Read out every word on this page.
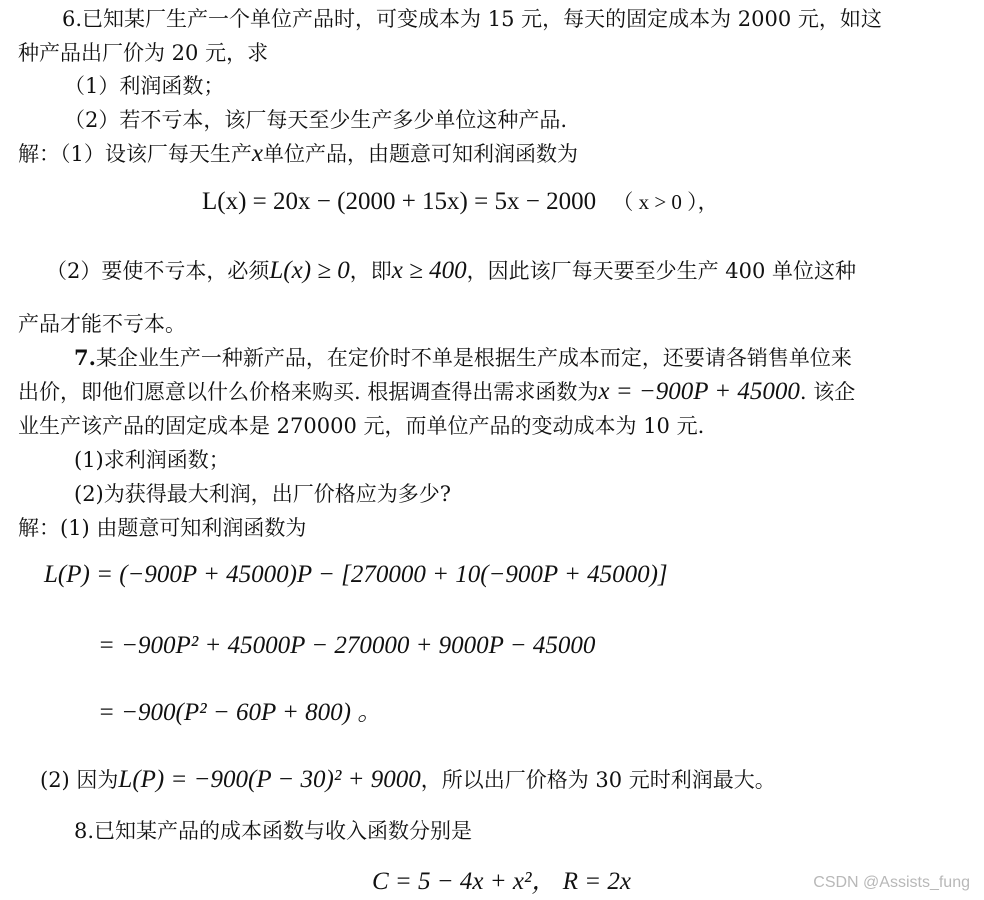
6.已知某厂生产一个单位产品时，可变成本为 15 元，每天的固定成本为 2000 元，如这
种产品出厂价为 20 元，求
（1）利润函数；
（2）若不亏本，该厂每天至少生产多少单位这种产品.
解：（1）设该厂每天生产x单位产品，由题意可知利润函数为
L(x) = 20x − (2000 + 15x) = 5x − 2000 （ x > 0 ），
（2）要使不亏本，必须L(x) ≥ 0，即x ≥ 400，因此该厂每天要至少生产 400 单位这种
产品才能不亏本。
7.某企业生产一种新产品，在定价时不单是根据生产成本而定，还要请各销售单位来
出价，即他们愿意以什么价格来购买. 根据调查得出需求函数为x = −900P + 45000. 该企
业生产该产品的固定成本是 270000 元，而单位产品的变动成本为 10 元.
(1)求利润函数；
(2)为获得最大利润，出厂价格应为多少?
解：(1) 由题意可知利润函数为
L(P) = (−900P + 45000)P − [270000 + 10(−900P + 45000)]
= −900P² + 45000P − 270000 + 9000P − 45000
= −900(P² − 60P + 800) 。
(2) 因为L(P) = −900(P − 30)² + 9000，所以出厂价格为 30 元时利润最大。
8.已知某产品的成本函数与收入函数分别是
C = 5 − 4x + x²， R = 2x	CSDN @Assists_fung
